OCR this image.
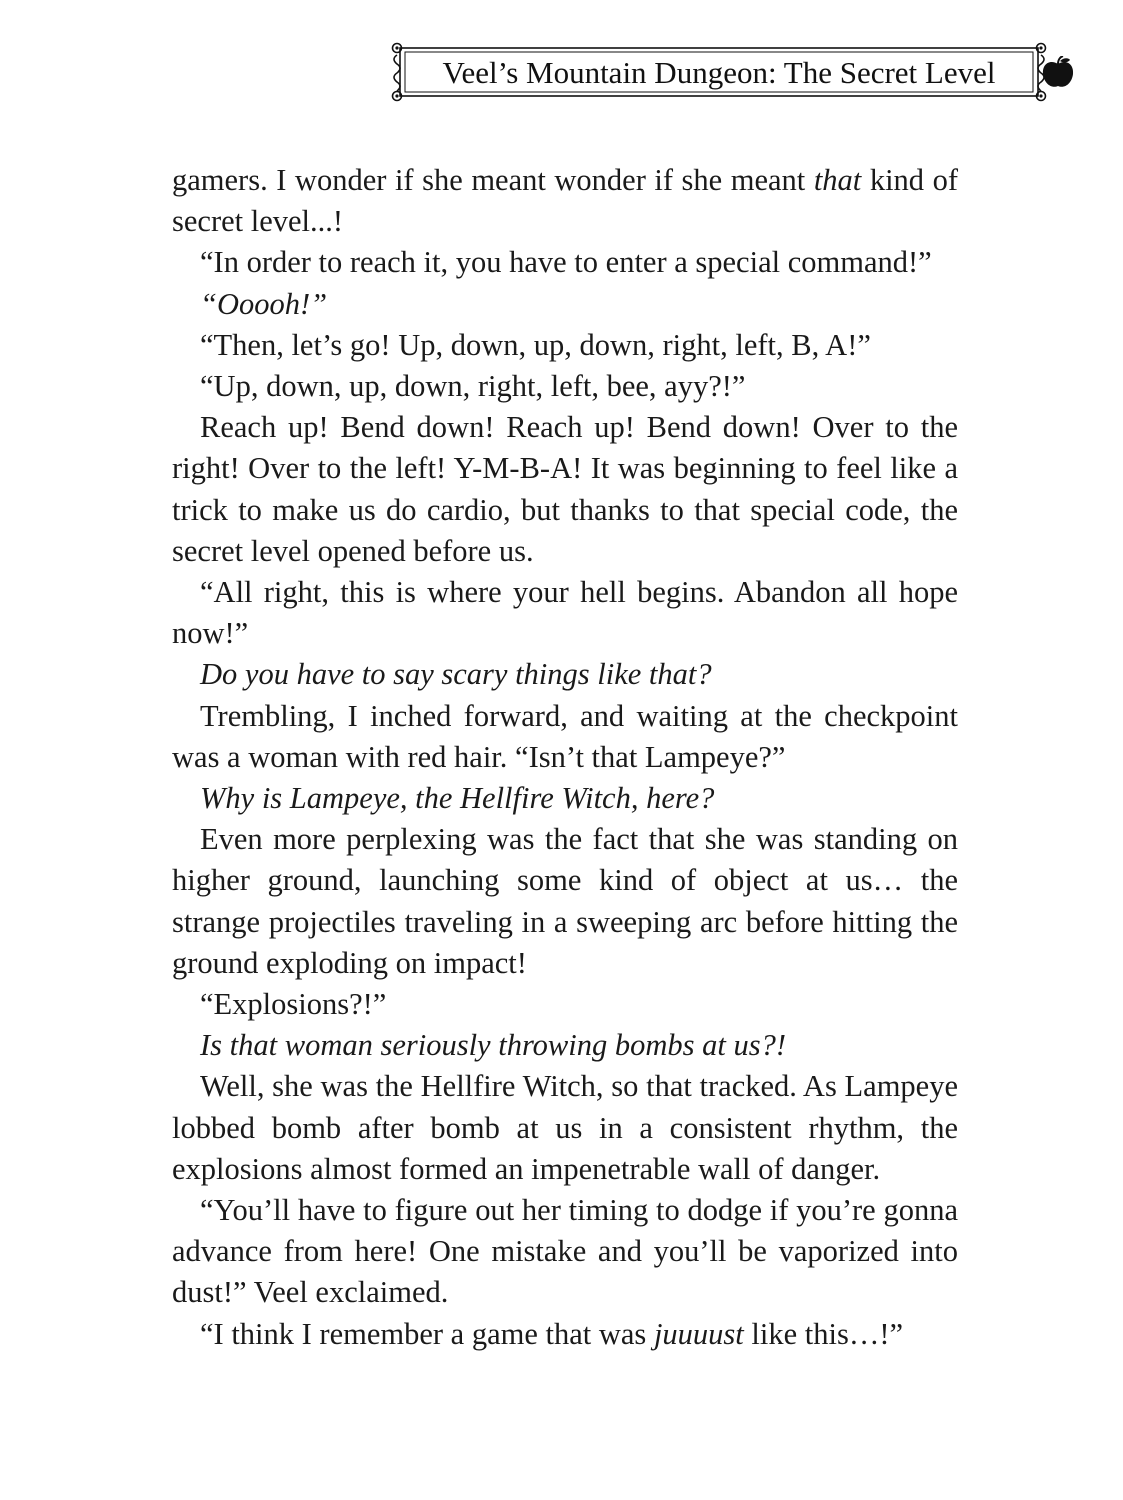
Veel’s Mountain Dungeon: The Secret Level

gamers. I wonder if she meant wonder if she meant that kind of secret level...!

“In order to reach it, you have to enter a special command!”

“Ooooh!”

“Then, let’s go! Up, down, up, down, right, left, B, A!”

“Up, down, up, down, right, left, bee, ayy?!”

Reach up! Bend down! Reach up! Bend down! Over to the right! Over to the left! Y-M-B-A! It was beginning to feel like a trick to make us do cardio, but thanks to that special code, the secret level opened before us.

“All right, this is where your hell begins. Abandon all hope now!”

Do you have to say scary things like that?

Trembling, I inched forward, and waiting at the checkpoint was a woman with red hair. “Isn’t that Lampeye?”

Why is Lampeye, the Hellfire Witch, here?

Even more perplexing was the fact that she was standing on higher ground, launching some kind of object at us… the strange projectiles traveling in a sweeping arc before hitting the ground exploding on impact!

“Explosions?!”

Is that woman seriously throwing bombs at us?!

Well, she was the Hellfire Witch, so that tracked. As Lampeye lobbed bomb after bomb at us in a consistent rhythm, the explosions almost formed an impenetrable wall of danger.

“You’ll have to figure out her timing to dodge if you’re gonna advance from here! One mistake and you’ll be vaporized into dust!” Veel exclaimed.

“I think I remember a game that was juuuust like this…!”
